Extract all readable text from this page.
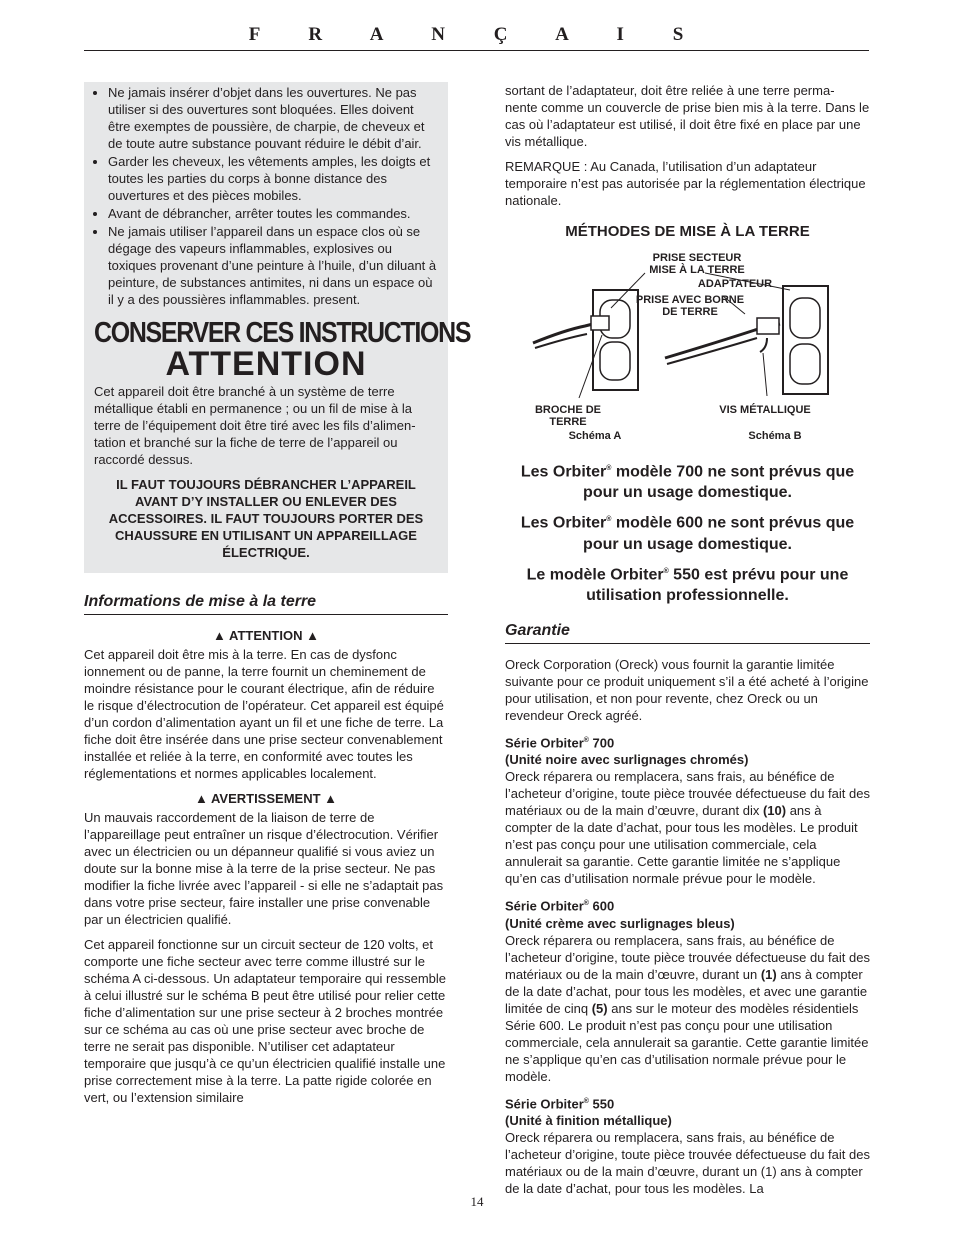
F R A N Ç A I S
• Ne jamais insérer d’objet dans les ouvertures. Ne pas utiliser si des ouvertures sont bloquées. Elles doivent être exemptes de poussière, de charpie, de cheveux et de toute autre substance pouvant réduire le débit d’air.
• Garder les cheveux, les vêtements amples, les doigts et toutes les parties du corps à bonne distance des ouvertures et des pièces mobiles.
• Avant de débrancher, arrêter toutes les commandes.
• Ne jamais utiliser l’appareil dans un espace clos où se dégage des vapeurs inflammables, explosives ou toxiques provenant d’une peinture à l’huile, d’un diluant à peinture, de substances antimites, ni dans un espace où il y a des poussières inflammables. present.
CONSERVER CES INSTRUCTIONS
ATTENTION
Cet appareil doit être branché à un système de terre métallique établi en permanence ; ou un fil de mise à la terre de l’équipement doit être tiré avec les fils d’alimen- tation et branché sur la fiche de terre de l’appareil ou raccordé dessus.
IL FAUT TOUJOURS DÉBRANCHER L’APPAREIL AVANT D’Y INSTALLER OU ENLEVER DES ACCESSOIRES. IL FAUT TOUJOURS PORTER DES CHAUSSURE EN UTILISANT UN APPAREILLAGE ÉLECTRIQUE.
Informations de mise à la terre
▲ ATTENTION ▲
Cet appareil doit être mis à la terre. En cas de dysfonc ionnement ou de panne, la terre fournit un cheminement de moindre résistance pour le courant électrique, afin de réduire le risque d’électrocution de l’opérateur. Cet appareil est équipé d’un cordon d’alimentation ayant un fil et une fiche de terre. La fiche doit être insérée dans une prise secteur convenablement installée et reliée à la terre, en conformité avec toutes les réglementations et normes applicables localement.
▲ AVERTISSEMENT ▲
Un mauvais raccordement de la liaison de terre de l’appareillage peut entraîner un risque d’électrocution. Vérifier avec un électricien ou un dépanneur qualifié si vous aviez un doute sur la bonne mise à la terre de la prise secteur. Ne pas modifier la fiche livrée avec l’appareil - si elle ne s’adaptait pas dans votre prise secteur, faire installer une prise convenable par un électricien qualifié.
Cet appareil fonctionne sur un circuit secteur de 120 volts, et comporte une fiche secteur avec terre comme illustré sur le schéma A ci-dessous. Un adaptateur temporaire qui ressemble à celui illustré sur le schéma B peut être utilisé pour relier cette fiche d’alimentation sur une prise secteur à 2 broches montrée sur ce schéma au cas où une prise secteur avec broche de terre ne serait pas disponible. N’utiliser cet adaptateur temporaire que jusqu’à ce qu’un électricien qualifié installe une prise correctement mise à la terre. La patte rigide colorée en vert, ou l’extension similaire
sortant de l’adaptateur, doit être reliée à une terre perma- nente comme un couvercle de prise bien mis à la terre. Dans le cas où l’adaptateur est utilisé, il doit être fixé en place par une vis métallique.
REMARQUE : Au Canada, l’utilisation d’un adaptateur temporaire n’est pas autorisée par la réglementation électrique nationale.
MÉTHODES DE MISE À LA TERRE
PRISE SECTEUR MISE À LA TERRE
ADAPTATEUR
PRISE AVEC BORNE DE TERRE
BROCHE DE TERRE
VIS MÉTALLIQUE
Schéma A	Schéma B
Les Orbiter® modèle 700 ne sont prévus que pour un usage domestique.
Les Orbiter® modèle 600 ne sont prévus que pour un usage domestique.
Le modèle Orbiter® 550 est prévu pour une utilisation professionnelle.
Garantie
Oreck Corporation (Oreck) vous fournit la garantie limitée suivante pour ce produit uniquement s’il a été acheté à l’origine pour utilisation, et non pour revente, chez Oreck ou un revendeur Oreck agréé.
Série Orbiter® 700
(Unité noire avec surlignages chromés)
Oreck réparera ou remplacera, sans frais, au bénéfice de l’acheteur d’origine, toute pièce trouvée défectueuse du fait des matériaux ou de la main d’œuvre, durant dix (10) ans à compter de la date d’achat, pour tous les modèles. Le produit n’est pas conçu pour une utilisation commerciale, cela annulerait sa garantie. Cette garantie limitée ne s’applique qu’en cas d’utilisation normale prévue pour le modèle.
Série Orbiter® 600
(Unité crème avec surlignages bleus)
Oreck réparera ou remplacera, sans frais, au bénéfice de l’acheteur d’origine, toute pièce trouvée défectueuse du fait des matériaux ou de la main d’œuvre, durant un (1) ans à compter de la date d’achat, pour tous les modèles, et avec une garantie limitée de cinq (5) ans sur le moteur des modèles résidentiels Série 600. Le produit n’est pas conçu pour une utilisation commerciale, cela annulerait sa garantie. Cette garantie limitée ne s’applique qu’en cas d’utilisation normale prévue pour le modèle.
Série Orbiter® 550
(Unité à finition métallique)
Oreck réparera ou remplacera, sans frais, au bénéfice de l’acheteur d’origine, toute pièce trouvée défectueuse du fait des matériaux ou de la main d’œuvre, durant un (1) ans à compter de la date d’achat, pour tous les modèles. La
14
